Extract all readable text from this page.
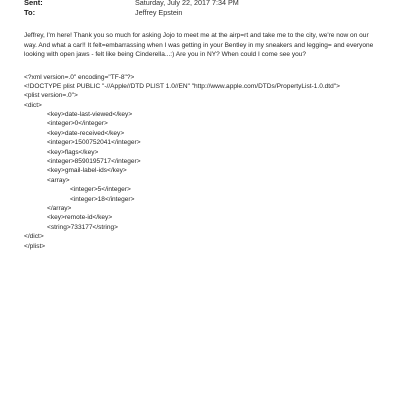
Sent:	Saturday, July 22, 2017 7:34 PM
To:	Jeffrey Epstein
Jeffrey, I'm here! Thank you so much for asking Jojo to meet me at the airp=rt and take me to the city, we're now on our way. And what a car!! It felt=embarrassing when I was getting in your Bentley in my sneakers and legging= and everyone looking with open jaws - felt like being Cinderella...:) Are you in NY? When could I come see you?
<?xml version=.0" encoding="TF-8"?>
<!DOCTYPE plist PUBLIC "-//Apple//DTD PLIST 1.0//EN" "http://www.apple.com/DTDs/PropertyList-1.0.dtd">
<plist version=.0">
<dict>
<key>date-last-viewed</key>
<integer>0</integer>
<key>date-received</key>
<integer>1500752041</integer>
<key>flags</key>
<integer>8590195717</integer>
<key>gmail-label-ids</key>
<array>
<integer>5</integer>
<integer>18</integer>
</array>
<key>remote-id</key>
<string>733177</string>
</dict>
</plist>
